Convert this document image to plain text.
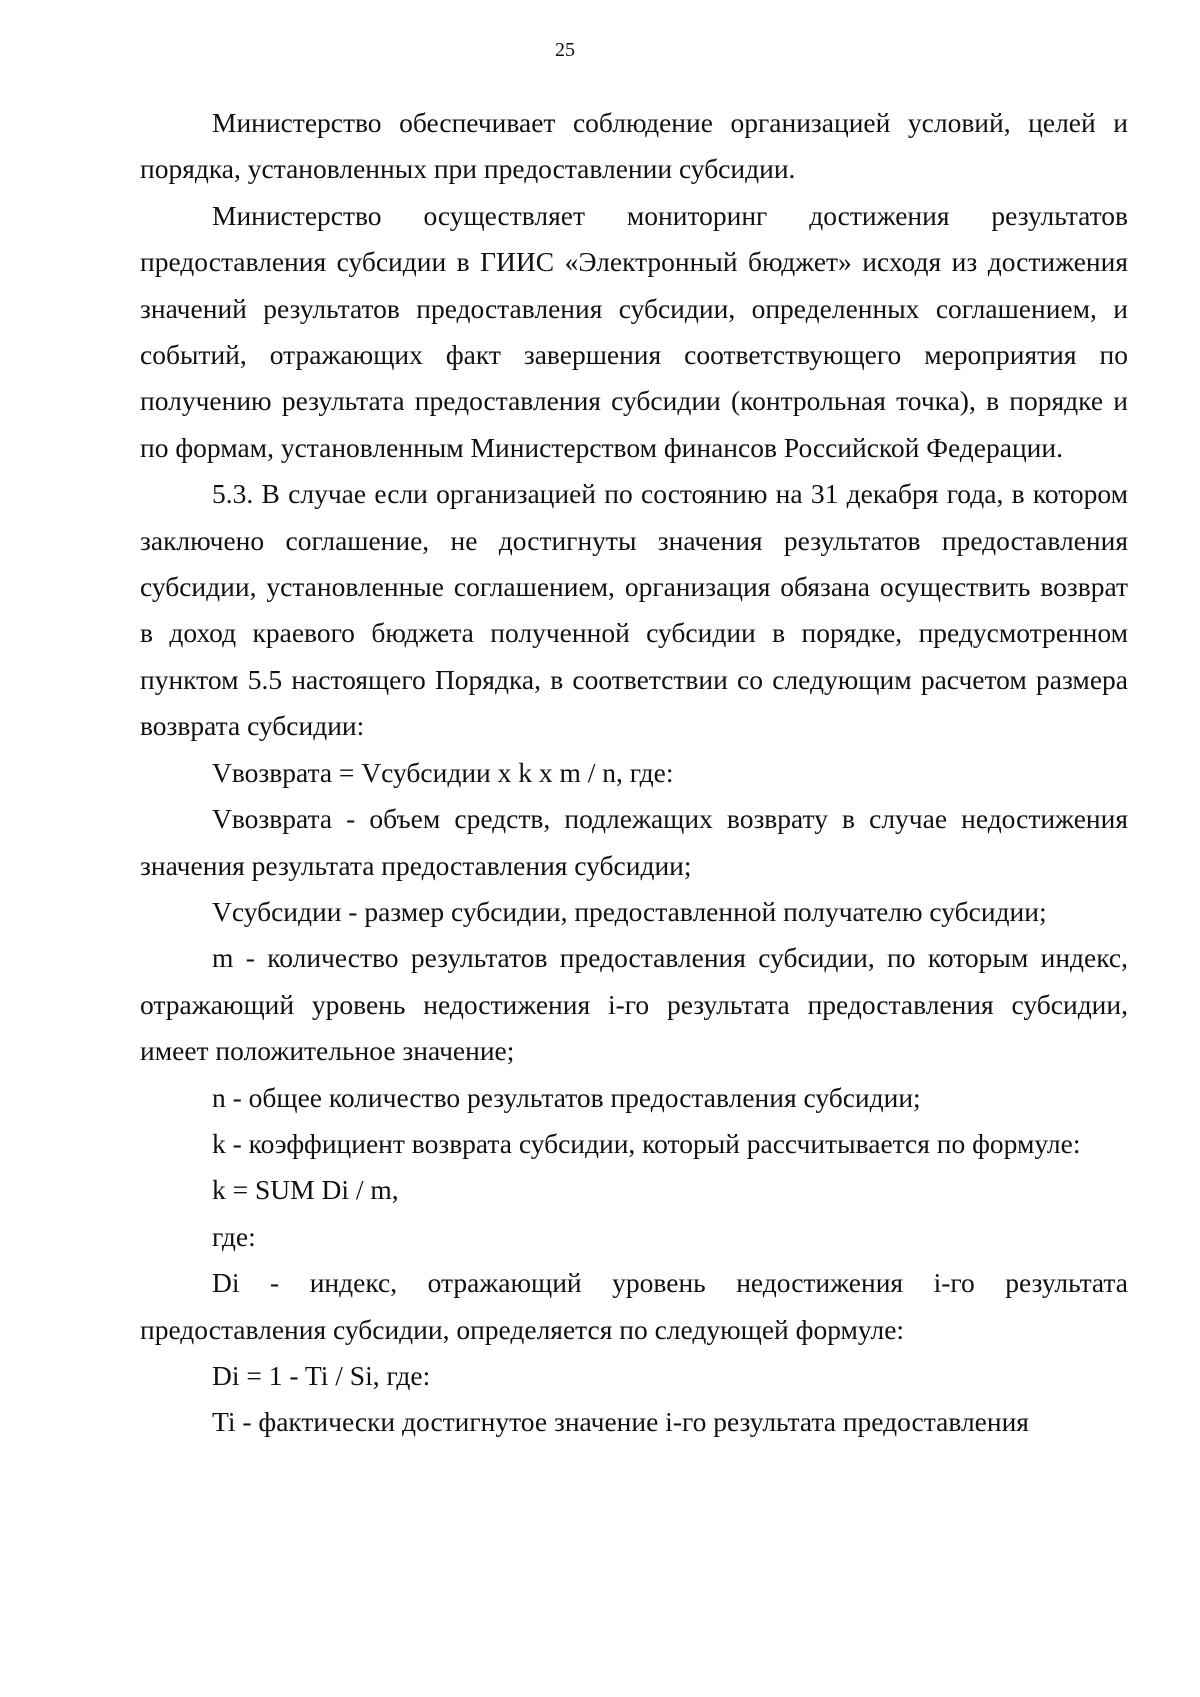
25

Министерство обеспечивает соблюдение организацией условий, целей и порядка, установленных при предоставлении субсидии.

Министерство осуществляет мониторинг достижения результатов предоставления субсидии в ГИИС «Электронный бюджет» исходя из достижения значений результатов предоставления субсидии, определенных соглашением, и событий, отражающих факт завершения соответствующего мероприятия по получению результата предоставления субсидии (контрольная точка), в порядке и по формам, установленным Министерством финансов Российской Федерации.

5.3. В случае если организацией по состоянию на 31 декабря года, в котором заключено соглашение, не достигнуты значения результатов предоставления субсидии, установленные соглашением, организация обязана осуществить возврат в доход краевого бюджета полученной субсидии в порядке, предусмотренном пунктом 5.5 настоящего Порядка, в соответствии со следующим расчетом размера возврата субсидии:

Vвозврата = Vсубсидии х k х m / n, где:

Vвозврата - объем средств, подлежащих возврату в случае недостижения значения результата предоставления субсидии;

Vсубсидии - размер субсидии, предоставленной получателю субсидии;

m - количество результатов предоставления субсидии, по которым индекс, отражающий уровень недостижения i-го результата предоставления субсидии, имеет положительное значение;

n - общее количество результатов предоставления субсидии;

k - коэффициент возврата субсидии, который рассчитывается по формуле:

k = SUM Di / m,

где:

Di - индекс, отражающий уровень недостижения i-го результата предоставления субсидии, определяется по следующей формуле:

Di = 1 - Ti / Si, где:

Ti - фактически достигнутое значение i-го результата предоставления
